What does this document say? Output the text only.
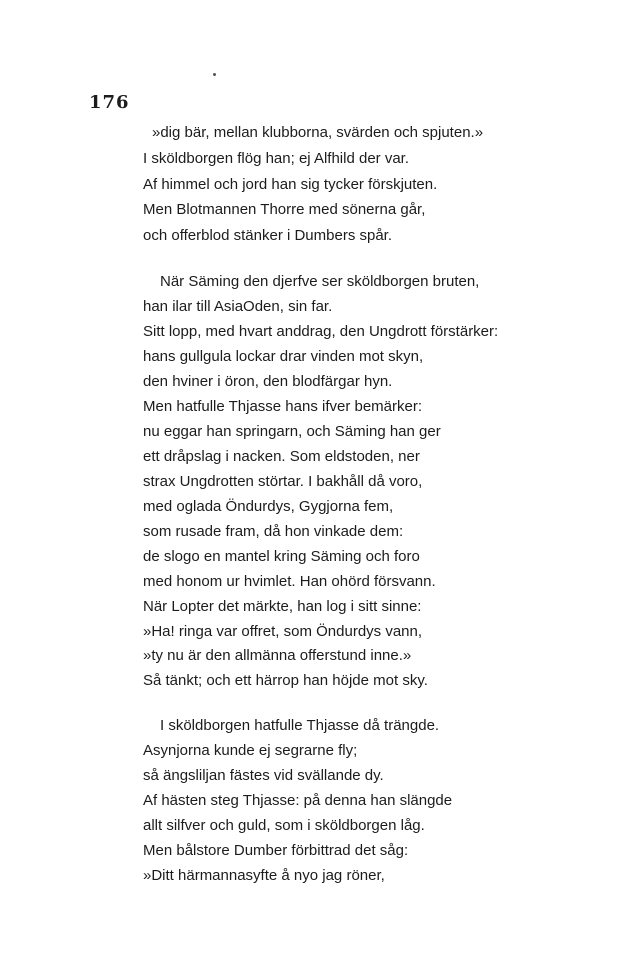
176
»dig bär, mellan klubborna, svärden och spjuten.»
I sköldborgen flög han; ej Alfhild der var.
Af himmel och jord han sig tycker förskjuten.
Men Blotmannen Thorre med sönerna går,
och offerblod stänker i Dumbers spår.
När Säming den djerfve ser sköldborgen bruten,
han ilar till AsiaOden, sin far.
Sitt lopp, med hvart anddrag, den Ungdrott förstärker:
hans gullgula lockar drar vinden mot skyn,
den hviner i öron, den blodfärgar hyn.
Men hatfulle Thjasse hans ifver bemärker:
nu eggar han springarn, och Säming han ger
ett dråpslag i nacken. Som eldstoden, ner
strax Ungdrotten störtar. I bakhåll då voro,
med oglada Öndurdys, Gygjorna fem,
som rusade fram, då hon vinkade dem:
de slogo en mantel kring Säming och foro
med honom ur hvimlet. Han ohörd försvann.
När Lopter det märkte, han log i sitt sinne:
»Ha! ringa var offret, som Öndurdys vann,
»ty nu är den allmänna offerstund inne.»
Så tänkt; och ett härrop han höjde mot sky.
I sköldborgen hatfulle Thjasse då trängde.
Asynjorna kunde ej segrarne fly;
så ängsliljan fästes vid svällande dy.
Af hästen steg Thjasse: på denna han slängde
allt silfver och guld, som i sköldborgen låg.
Men bålstore Dumber förbittrad det såg:
»Ditt härmannasyfte å nyo jag röner,
